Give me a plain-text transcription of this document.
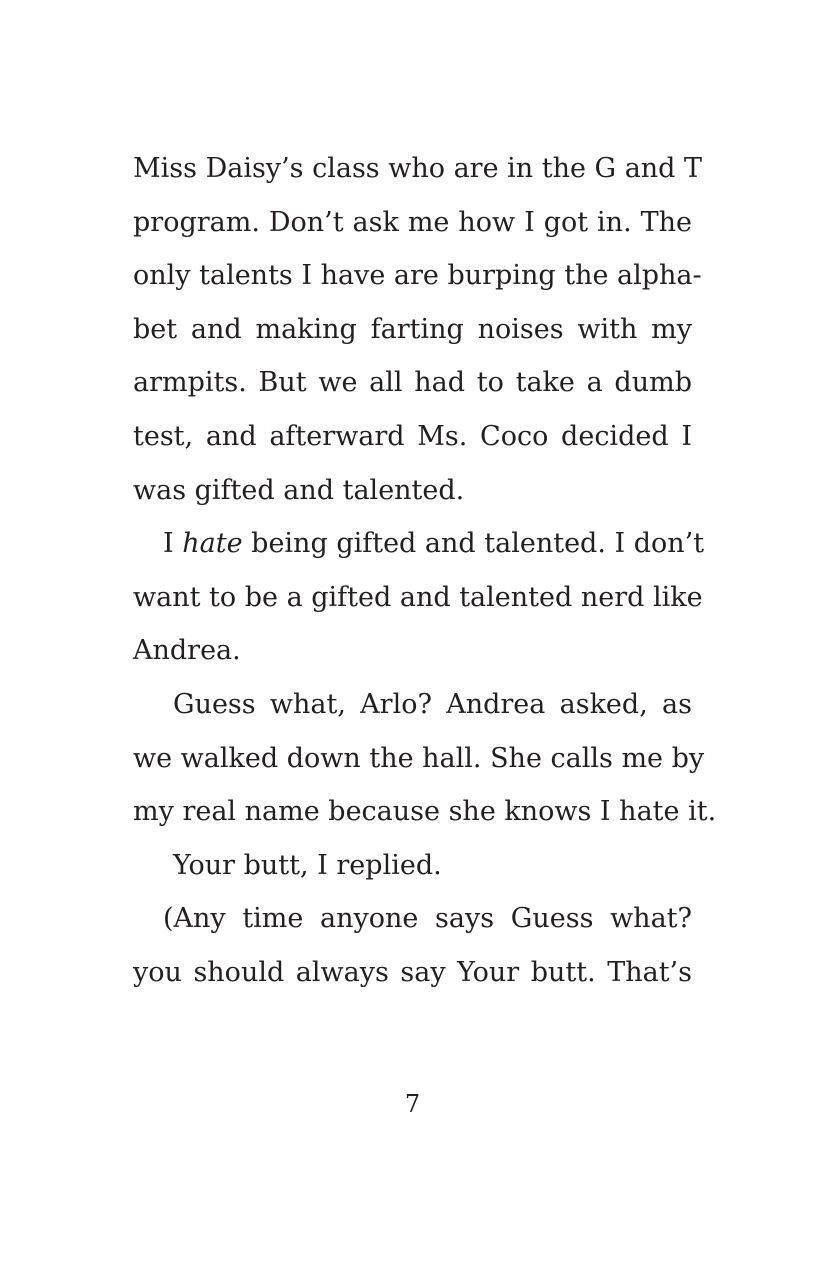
Miss Daisy’s class who are in the G and T
program. Don’t ask me how I got in. The
only talents I have are burping the alpha-
bet and making farting noises with my
armpits. But we all had to take a dumb
test, and afterward Ms. Coco decided I
was gifted and talented.
I hate being gifted and talented. I don’t
want to be a gifted and talented nerd like
Andrea.
Guess what, Arlo? Andrea asked, as
we walked down the hall. She calls me by
my real name because she knows I hate it.
Your butt, I replied.
(Any time anyone says Guess what?
you should always say Your butt. That’s
7
